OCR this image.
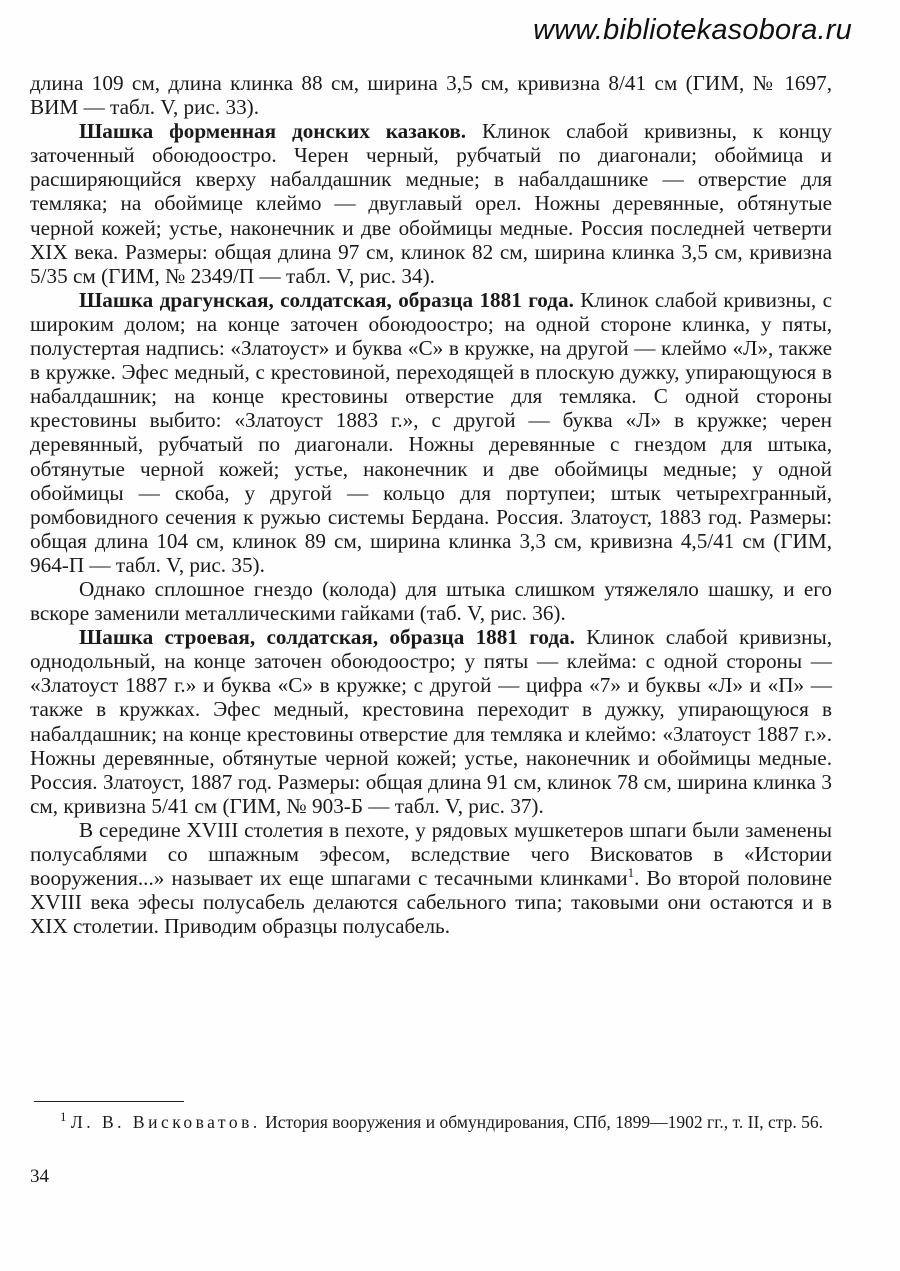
www.bibliotekasobora.ru

длина 109 см, длина клинка 88 см, ширина 3,5 см, кривизна 8/41 см (ГИМ, № 1697, ВИМ — табл. V, рис. 33).

Шашка форменная донских казаков. Клинок слабой кривизны, к концу заточенный обоюдоостро. Черен черный, рубчатый по диагонали; обоймица и расширяющийся кверху набалдашник медные; в набалдашнике — отверстие для темляка; на обоймице клеймо — двуглавый орел. Ножны деревянные, обтянутые черной кожей; устье, наконечник и две обоймицы медные. Россия последней четверти XIX века. Размеры: общая длина 97 см, клинок 82 см, ширина клинка 3,5 см, кривизна 5/35 см (ГИМ, № 2349/П — табл. V, рис. 34).

Шашка драгунская, солдатская, образца 1881 года. Клинок слабой кривизны, с широким долом; на конце заточен обоюдоостро; на одной стороне клинка, у пяты, полустертая надпись: «Златоуст» и буква «С» в кружке, на другой — клеймо «Л», также в кружке. Эфес медный, с крестовиной, переходящей в плоскую дужку, упирающуюся в набалдашник; на конце крестовины отверстие для темляка. С одной стороны крестовины выбито: «Златоуст 1883 г.», с другой — буква «Л» в кружке; черен деревянный, рубчатый по диагонали. Ножны деревянные с гнездом для штыка, обтянутые черной кожей; устье, наконечник и две обоймицы медные; у одной обоймицы — скоба, у другой — кольцо для портупеи; штык четырехгранный, ромбовидного сечения к ружью системы Бердана. Россия. Златоуст, 1883 год. Размеры: общая длина 104 см, клинок 89 см, ширина клинка 3,3 см, кривизна 4,5/41 см (ГИМ, 964-П — табл. V, рис. 35).

Однако сплошное гнездо (колода) для штыка слишком утяжеляло шашку, и его вскоре заменили металлическими гайками (таб. V, рис. 36).

Шашка строевая, солдатская, образца 1881 года. Клинок слабой кривизны, однодольный, на конце заточен обоюдоостро; у пяты — клейма: с одной стороны — «Златоуст 1887 г.» и буква «С» в кружке; с другой — цифра «7» и буквы «Л» и «П» — также в кружках. Эфес медный, крестовина переходит в дужку, упирающуюся в набалдашник; на конце крестовины отверстие для темляка и клеймо: «Златоуст 1887 г.». Ножны деревянные, обтянутые черной кожей; устье, наконечник и обоймицы медные. Россия. Златоуст, 1887 год. Размеры: общая длина 91 см, клинок 78 см, ширина клинка 3 см, кривизна 5/41 см (ГИМ, № 903-Б — табл. V, рис. 37).

В середине XVIII столетия в пехоте, у рядовых мушкетеров шпаги были заменены полусаблями со шпажным эфесом, вследствие чего Висковатов в «Истории вооружения...» называет их еще шпагами с тесачными клинками$^1$. Во второй половине XVIII века эфесы полусабель делаются сабельного типа; таковыми они остаются и в XIX столетии. Приводим образцы полусабель.

$^1$ Л. В. Висковатов. История вооружения и обмундирования, СПб, 1899—1902 гг., т. II, стр. 56.
34
